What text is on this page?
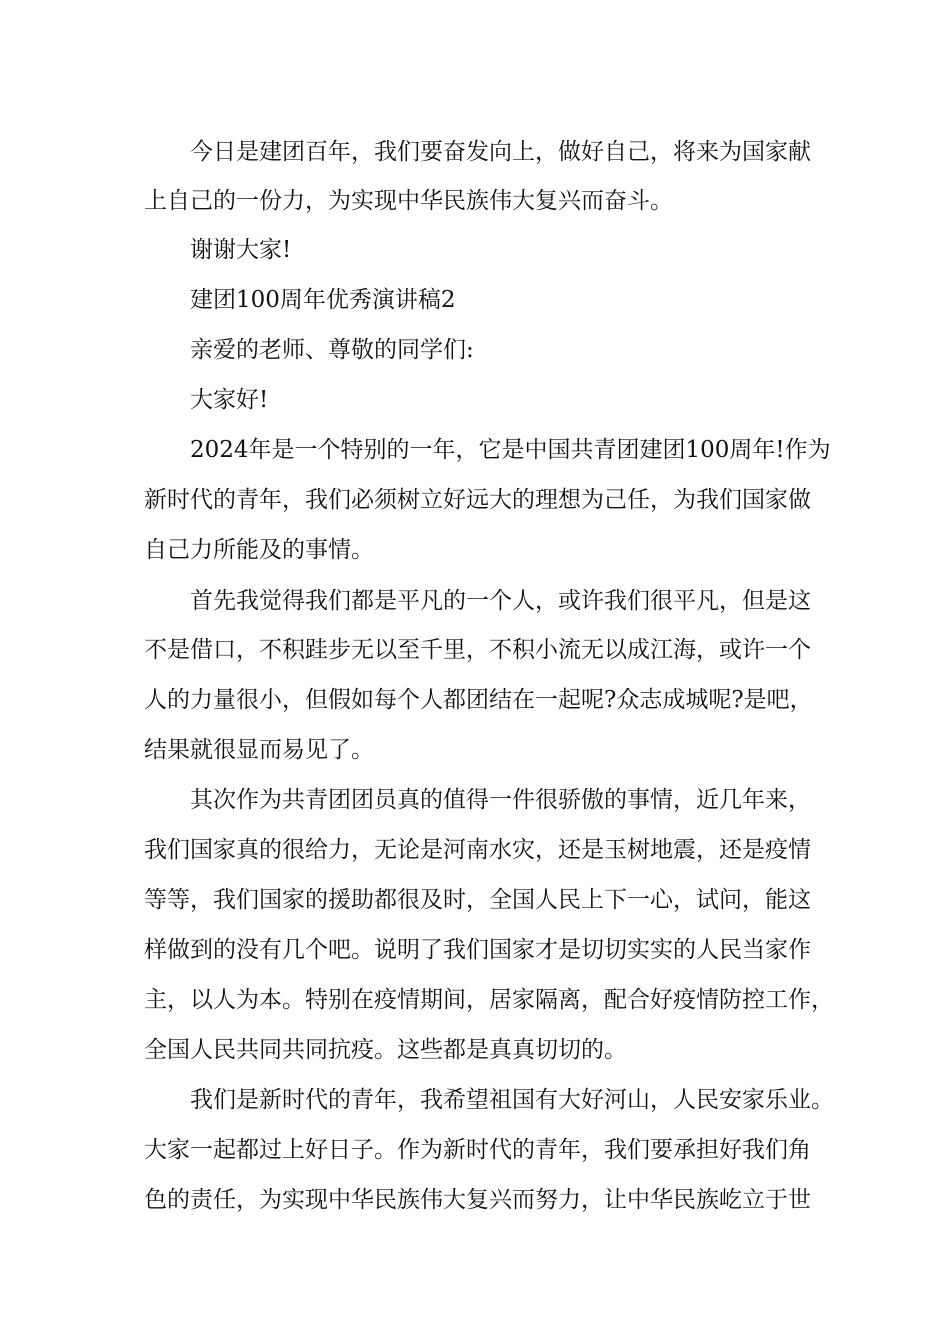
今日是建团百年，我们要奋发向上，做好自己，将来为国家献
上自己的一份力，为实现中华民族伟大复兴而奋斗。
谢谢大家!
建团100周年优秀演讲稿2
亲爱的老师、尊敬的同学们:
大家好!
2024年是一个特别的一年，它是中国共青团建团100周年!作为
新时代的青年，我们必须树立好远大的理想为己任，为我们国家做
自己力所能及的事情。
首先我觉得我们都是平凡的一个人，或许我们很平凡，但是这
不是借口，不积跬步无以至千里，不积小流无以成江海，或许一个
人的力量很小，但假如每个人都团结在一起呢?众志成城呢?是吧，
结果就很显而易见了。
其次作为共青团团员真的值得一件很骄傲的事情，近几年来，
我们国家真的很给力，无论是河南水灾，还是玉树地震，还是疫情
等等，我们国家的援助都很及时，全国人民上下一心，试问，能这
样做到的没有几个吧。说明了我们国家才是切切实实的人民当家作
主，以人为本。特别在疫情期间，居家隔离，配合好疫情防控工作，
全国人民共同共同抗疫。这些都是真真切切的。
我们是新时代的青年，我希望祖国有大好河山，人民安家乐业。
大家一起都过上好日子。作为新时代的青年，我们要承担好我们角
色的责任，为实现中华民族伟大复兴而努力，让中华民族屹立于世
